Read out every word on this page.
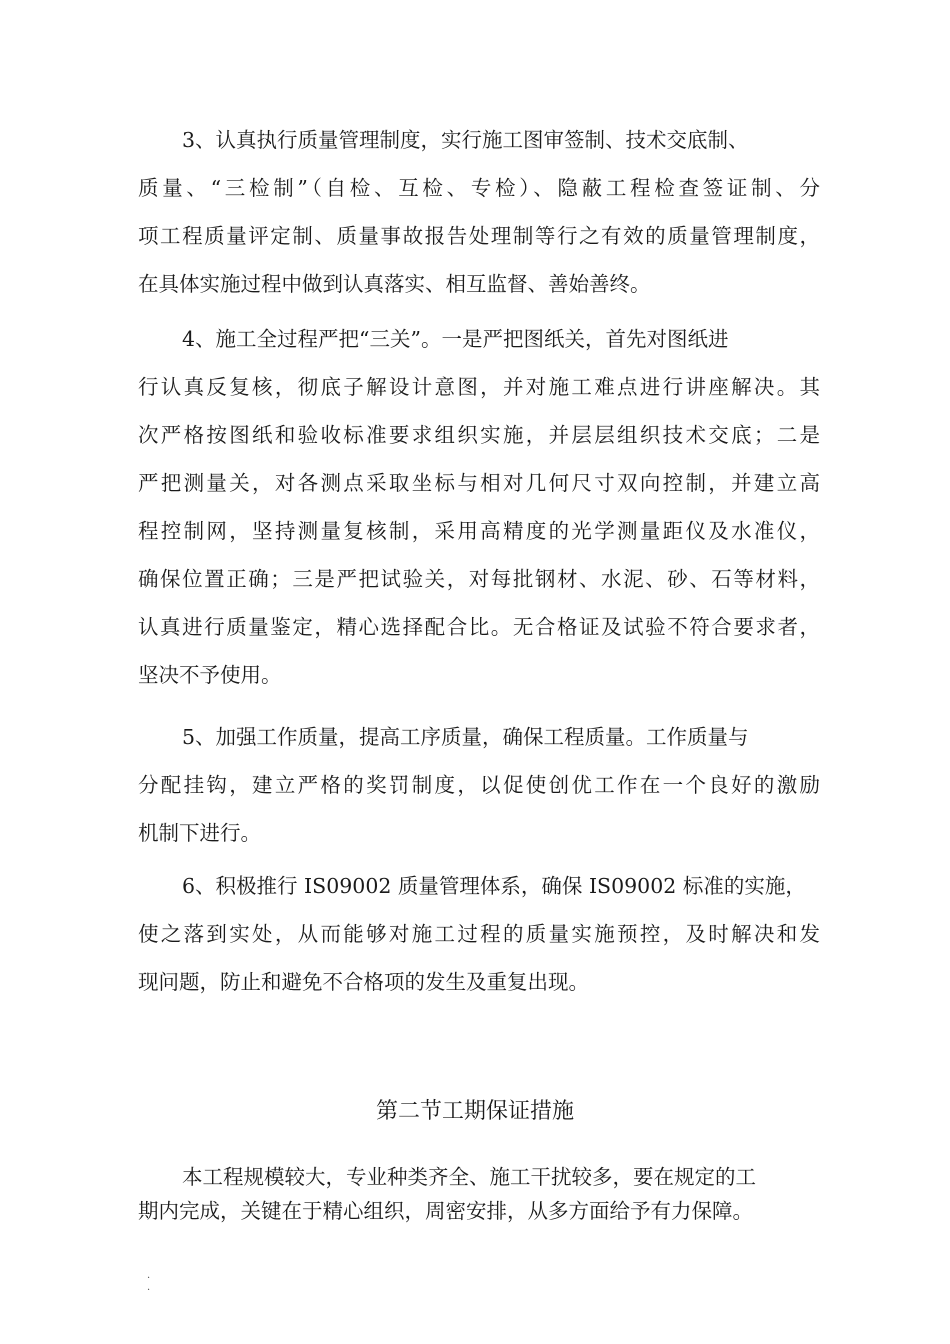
3、认真执行质量管理制度，实行施工图审签制、技术交底制、
质量、“三检制”（自检、互检、专检）、隐蔽工程检查签证制、分
项工程质量评定制、质量事故报告处理制等行之有效的质量管理制度，
在具体实施过程中做到认真落实、相互监督、善始善终。
4、施工全过程严把“三关”。一是严把图纸关，首先对图纸进
行认真反复核，彻底子解设计意图，并对施工难点进行讲座解决。其
次严格按图纸和验收标准要求组织实施，并层层组织技术交底；二是
严把测量关，对各测点采取坐标与相对几何尺寸双向控制，并建立高
程控制网，坚持测量复核制，采用高精度的光学测量距仪及水准仪，
确保位置正确；三是严把试验关，对每批钢材、水泥、砂、石等材料，
认真进行质量鉴定，精心选择配合比。无合格证及试验不符合要求者，
坚决不予使用。
5、加强工作质量，提高工序质量，确保工程质量。工作质量与
分配挂钩，建立严格的奖罚制度，以促使创优工作在一个良好的激励
机制下进行。
6、积极推行 IS09002 质量管理体系，确保 IS09002 标准的实施，
使之落到实处，从而能够对施工过程的质量实施预控，及时解决和发
现问题，防止和避免不合格项的发生及重复出现。
第二节工期保证措施
本工程规模较大，专业种类齐全、施工干扰较多，要在规定的工
期内完成，关键在于精心组织，周密安排，从多方面给予有力保障。
·
·
